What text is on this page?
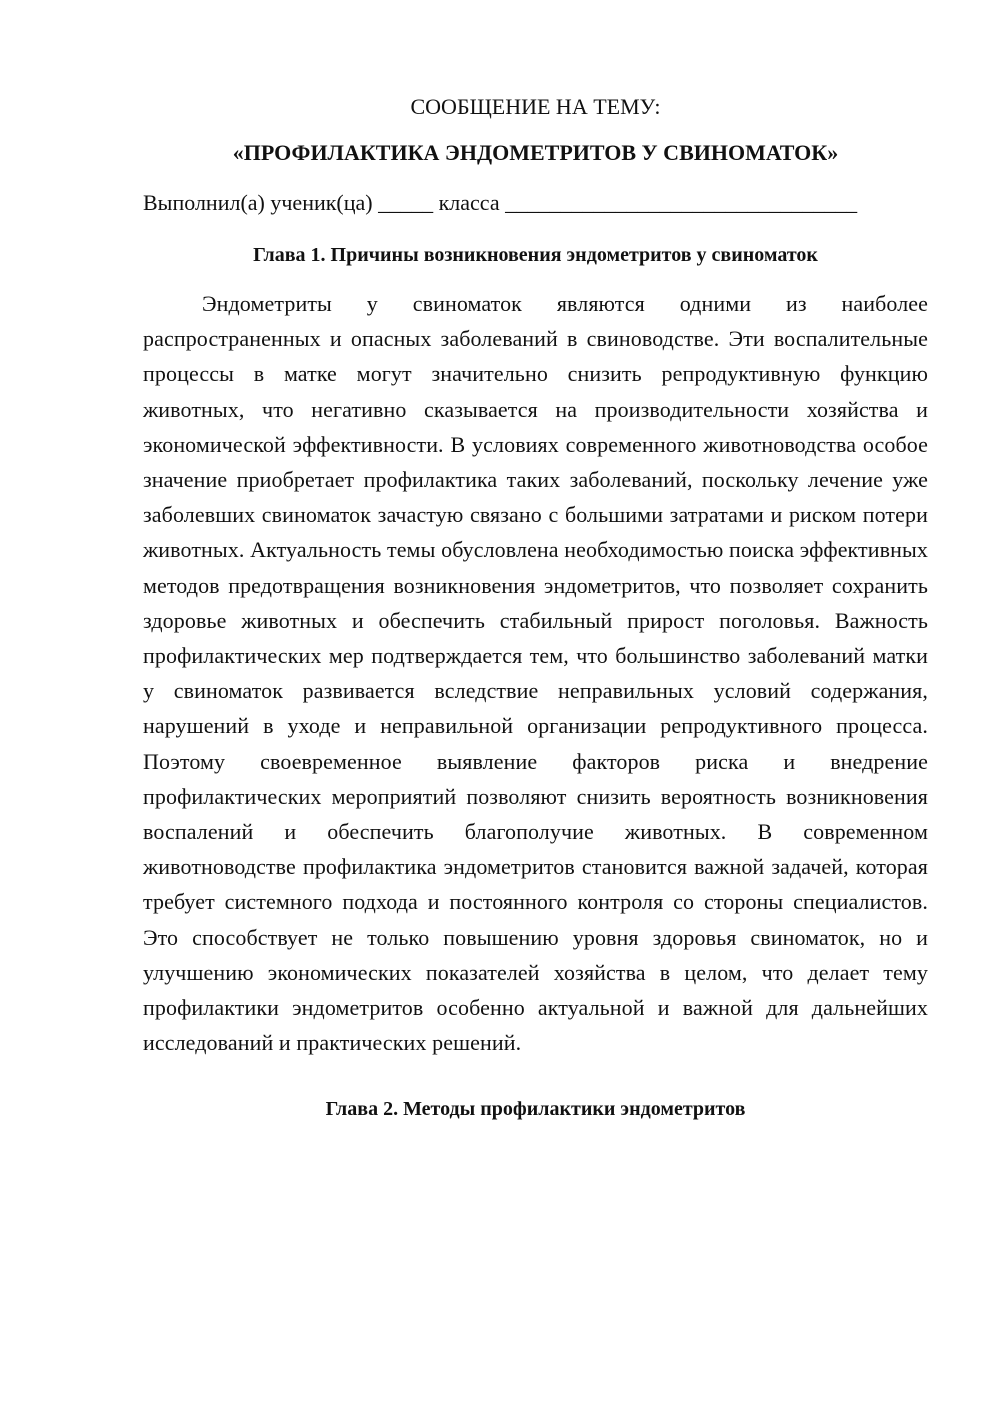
СООБЩЕНИЕ НА ТЕМУ:

«ПРОФИЛАКТИКА ЭНДОМЕТРИТОВ У СВИНОМАТОК»

Выполнил(а) ученик(ца) _____ класса ________________________________
Глава 1. Причины возникновения эндометритов у свиноматок

Эндометриты у свиноматок являются одними из наиболее распространенных и опасных заболеваний в свиноводстве. Эти воспалительные процессы в матке могут значительно снизить репродуктивную функцию животных, что негативно сказывается на производительности хозяйства и экономической эффективности. В условиях современного животноводства особое значение приобретает профилактика таких заболеваний, поскольку лечение уже заболевших свиноматок зачастую связано с большими затратами и риском потери животных. Актуальность темы обусловлена необходимостью поиска эффективных методов предотвращения возникновения эндометритов, что позволяет сохранить здоровье животных и обеспечить стабильный прирост поголовья. Важность профилактических мер подтверждается тем, что большинство заболеваний матки у свиноматок развивается вследствие неправильных условий содержания, нарушений в уходе и неправильной организации репродуктивного процесса. Поэтому своевременное выявление факторов риска и внедрение профилактических мероприятий позволяют снизить вероятность возникновения воспалений и обеспечить благополучие животных. В современном животноводстве профилактика эндометритов становится важной задачей, которая требует системного подхода и постоянного контроля со стороны специалистов. Это способствует не только повышению уровня здоровья свиноматок, но и улучшению экономических показателей хозяйства в целом, что делает тему профилактики эндометритов особенно актуальной и важной для дальнейших исследований и практических решений.

Глава 2. Методы профилактики эндометритов
